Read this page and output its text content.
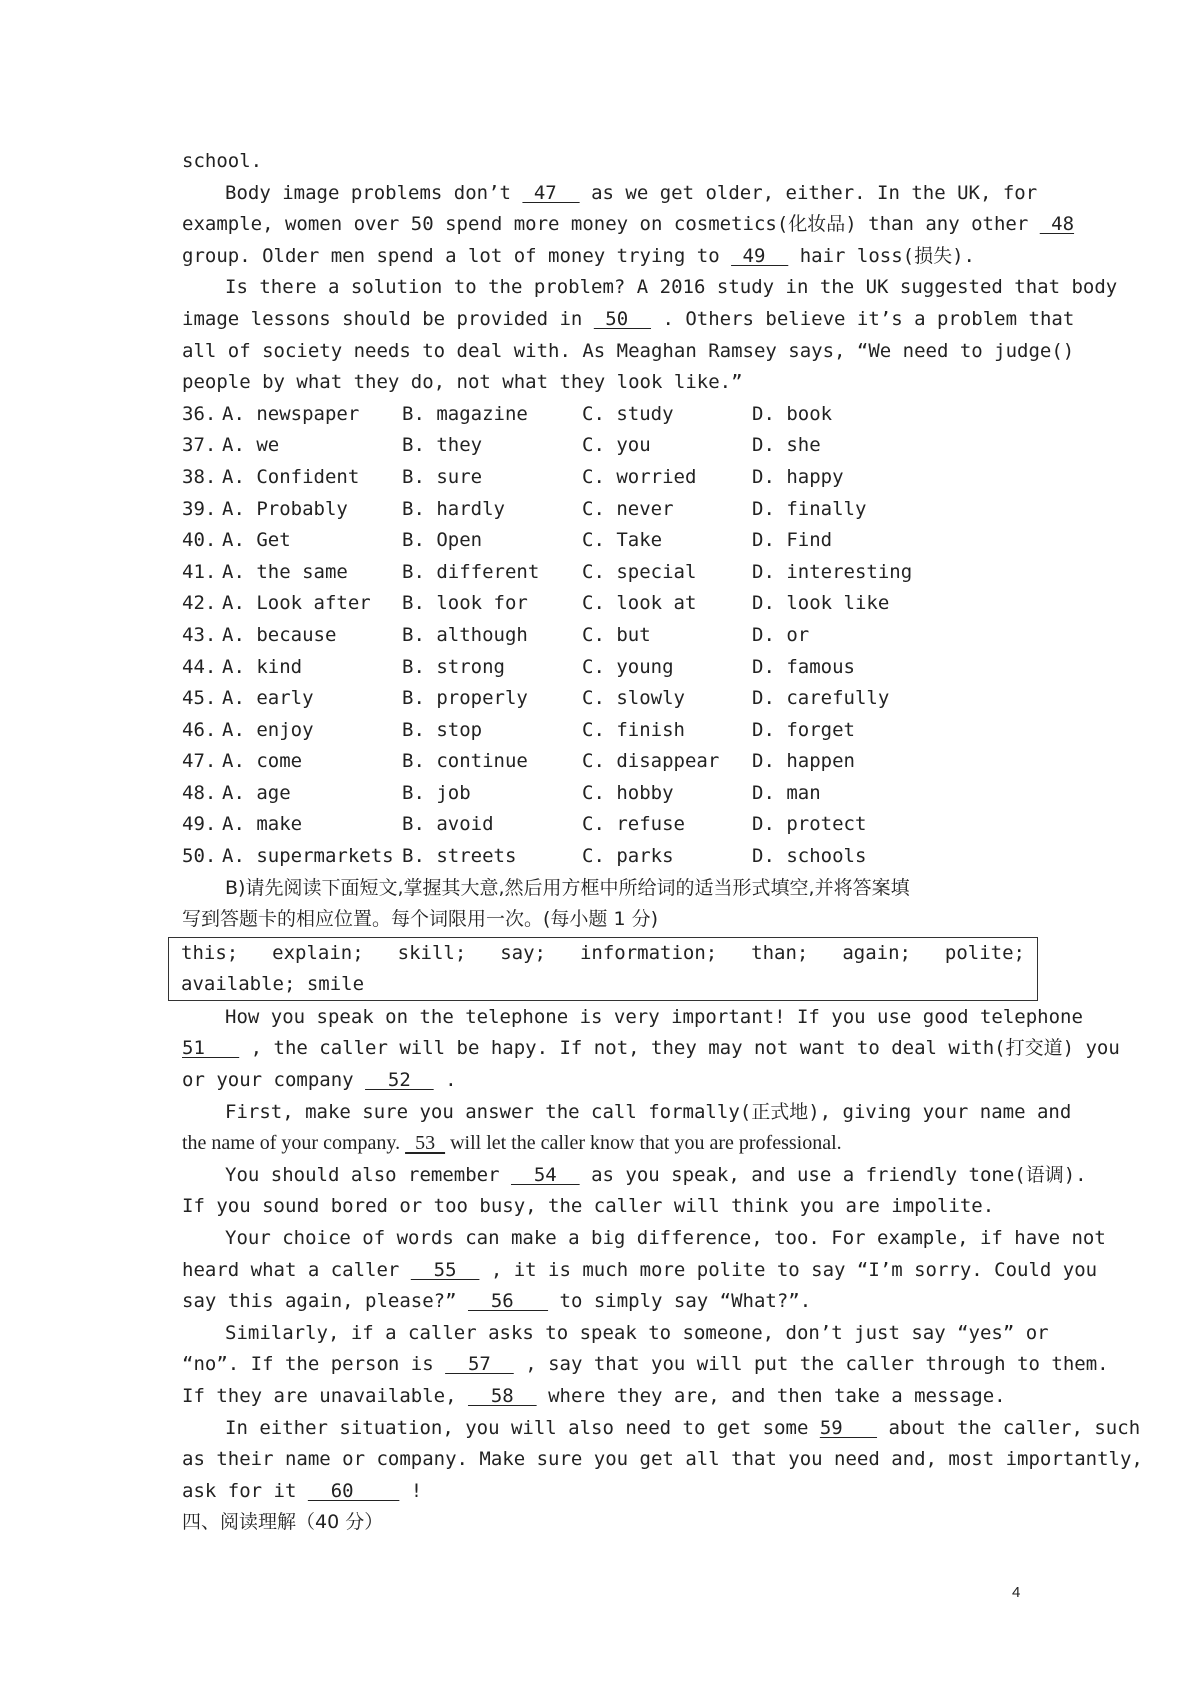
school.
Body image problems don’t  47   as we get older, either. In the UK, for
example, women over 50 spend more money on cosmetics(化妆品) than any other  48
group. Older men spend a lot of money trying to  49   hair loss(损失).
Is there a solution to the problem? A 2016 study in the UK suggested that body
image lessons should be provided in  50   . Others believe it’s a problem that
all of society needs to deal with. As Meaghan Ramsey says, “We need to judge()
people by what they do, not what they look like.”
36. A. newspaper B. magazine	C. study	D. book
37. A. we	B. they	C. you	D. she
38. A. Confident B. sure	C. worried	D. happy
39. A. Probably	B. hardly	C. never	D. finally
40. A. Get	B. Open	C. Take	D. Find
41. A. the same	B. different C. special	D. interesting
42. A. Look after B. look for	C. look at	D. look like
43. A. because	B. although	C. but	D. or
44. A. kind	B. strong	C. young	D. famous
45. A. early	B. properly	C. slowly	D. carefully
46. A. enjoy	B. stop	C. finish	D. forget
47. A. come	B. continue	C. disappear D. happen
48. A. age	B. job	C. hobby	D. man
49. A. make	B. avoid	C. refuse	D. protect
50. A. supermarkets B. streets	C. parks	D. schools
B)请先阅读下面短文,掌握其大意,然后用方框中所给词的适当形式填空,并将答案填
写到答题卡的相应位置。每个词限用一次。(每小题 1 分)
this; explain; skill; say; information; than; again; polite;
available; smile
How you speak on the telephone is very important! If you use good telephone
51    , the caller will be hapy. If not, they may not want to deal with(打交道) you
or your company   52   .
First, make sure you answer the call formally(正式地), giving your name and
the name of your company.   53   will let the caller know that you are professional.
You should also remember   54   as you speak, and use a friendly tone(语调).
If you sound bored or too busy, the caller will think you are impolite.
Your choice of words can make a big difference, too. For example, if have not
heard what a caller   55   , it is much more polite to say “I’m sorry. Could you
say this again, please?”   56    to simply say “What?”.
Similarly, if a caller asks to speak to someone, don’t just say “yes” or
“no”. If the person is   57   , say that you will put the caller through to them.
If they are unavailable,   58   where they are, and then take a message.
In either situation, you will also need to get some 59    about the caller, such
as their name or company. Make sure you get all that you need and, most importantly,
ask for it   60     !
四、阅读理解（40 分）
4
